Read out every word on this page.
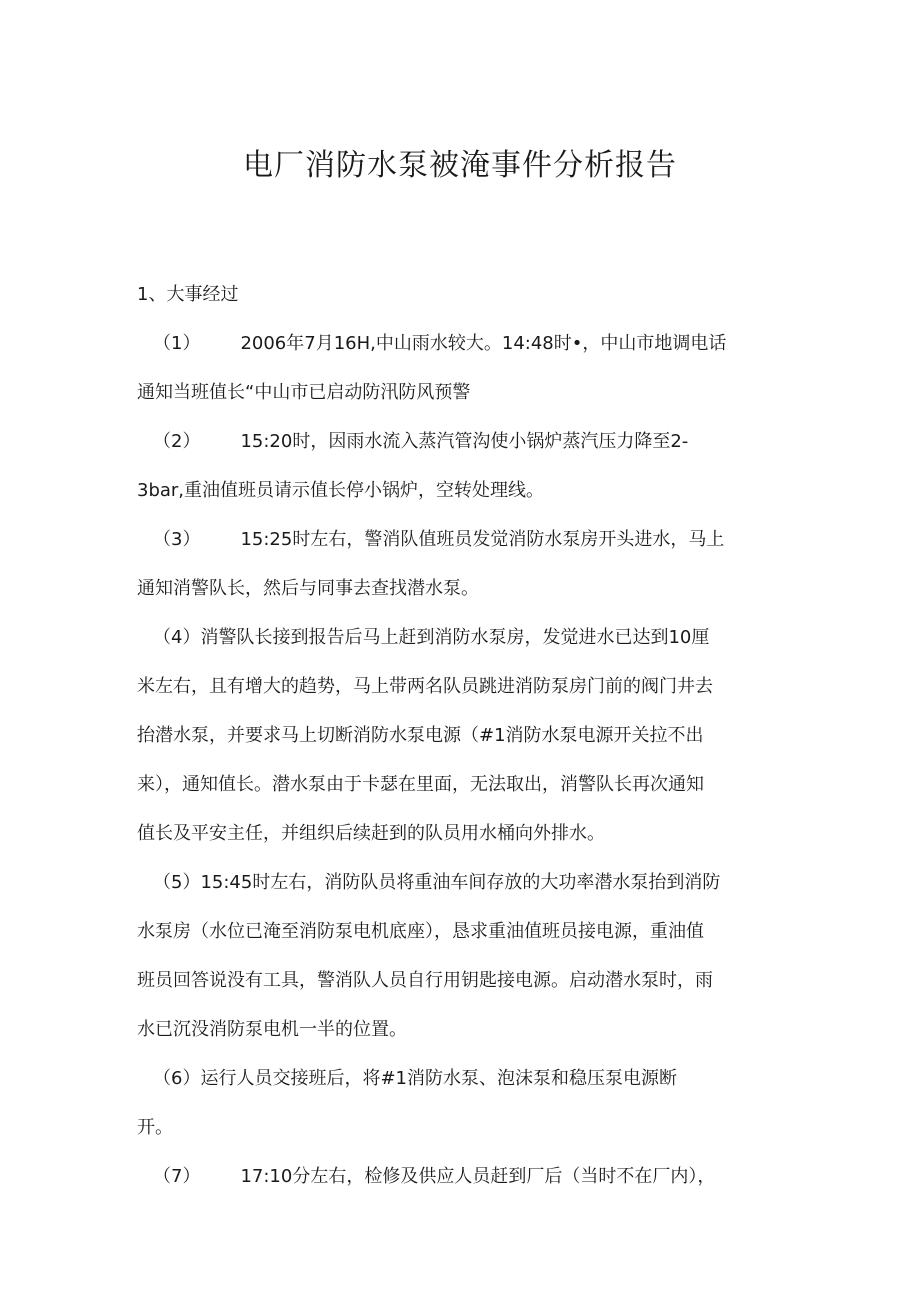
电厂消防水泵被淹事件分析报告
1、大事经过
（1） 2006年7月16H,中山雨水较大。14:48时•，中山市地调电话
通知当班值长“中山市已启动防汛防风预警
（2） 15:20时，因雨水流入蒸汽管沟使小锅炉蒸汽压力降至2-
3bar,重油值班员请示值长停小锅炉，空转处理线。
（3） 15:25时左右，警消队值班员发觉消防水泵房开头进水，马上
通知消警队长，然后与同事去查找潜水泵。
（4）消警队长接到报告后马上赶到消防水泵房，发觉进水已达到10厘
米左右，且有增大的趋势，马上带两名队员跳进消防泵房门前的阀门井去
抬潜水泵，并要求马上切断消防水泵电源（#1消防水泵电源开关拉不出
来），通知值长。潜水泵由于卡瑟在里面，无法取出，消警队长再次通知
值长及平安主任，并组织后续赶到的队员用水桶向外排水。
（5）15:45时左右，消防队员将重油车间存放的大功率潜水泵抬到消防
水泵房（水位已淹至消防泵电机底座），恳求重油值班员接电源，重油值
班员回答说没有工具，警消队人员自行用钥匙接电源。启动潜水泵时，雨
水已沉没消防泵电机一半的位置。
（6）运行人员交接班后，将#1消防水泵、泡沫泵和稳压泵电源断
开。
（7） 17:10分左右，检修及供应人员赶到厂后（当时不在厂内），
